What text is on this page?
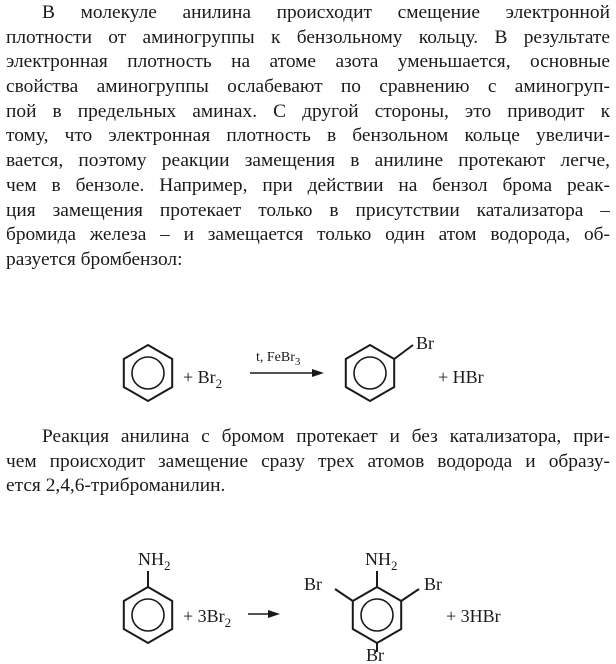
В молекуле анилина происходит смещение электронной
плотности от аминогруппы к бензольному кольцу. В результате
электронная плотность на атоме азота уменьшается, основные
свойства аминогруппы ослабевают по сравнению с аминогруп-
пой в предельных аминах. С другой стороны, это приводит к
тому, что электронная плотность в бензольном кольце увеличи-
вается, поэтому реакции замещения в анилине протекают легче,
чем в бензоле. Например, при действии на бензол брома реак-
ция замещения протекает только в присутствии катализатора –
бромида железа – и замещается только один атом водорода, об-
разуется бромбензол:
+ $Br_2$
t, FeBr$_3$
Br
+ HBr
$NH_2$
+ $3Br_2$
$NH_2$
Br	Br
Br
+ 3HBr
Реакция анилина с бромом протекает и без катализатора, при-
чем происходит замещение сразу трех атомов водорода и образу-
ется 2,4,6-триброманилин.
